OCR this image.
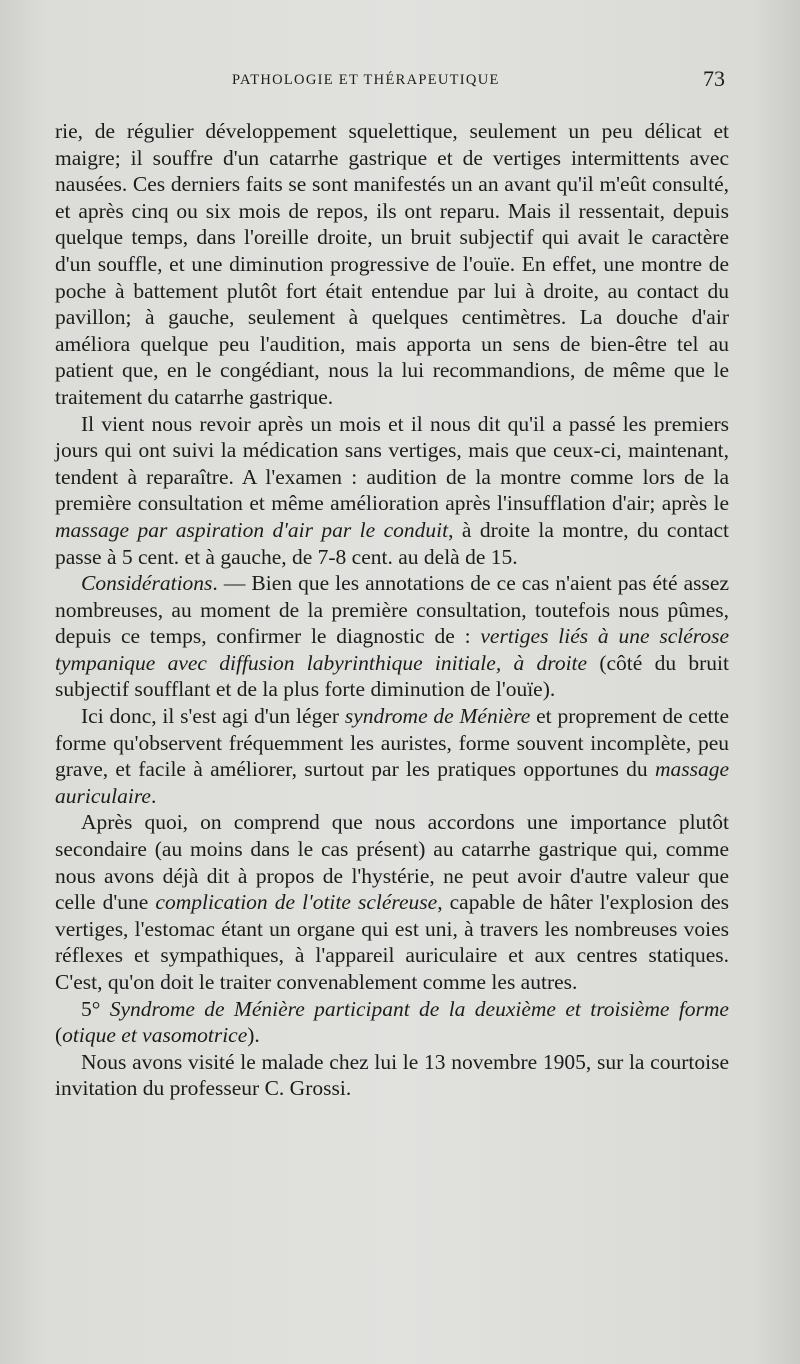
PATHOLOGIE ET THÉRAPEUTIQUE	73

rie, de régulier développement squelettique, seulement un peu délicat et maigre; il souffre d'un catarrhe gastrique et de vertiges intermittents avec nausées. Ces derniers faits se sont manifestés un an avant qu'il m'eût consulté, et après cinq ou six mois de repos, ils ont reparu. Mais il ressentait, depuis quelque temps, dans l'oreille droite, un bruit subjectif qui avait le caractère d'un souffle, et une diminution progressive de l'ouïe. En effet, une montre de poche à battement plutôt fort était entendue par lui à droite, au contact du pavillon; à gauche, seulement à quelques centimètres. La douche d'air améliora quelque peu l'audition, mais apporta un sens de bien-être tel au patient que, en le congédiant, nous la lui recommandions, de même que le traitement du catarrhe gastrique.

Il vient nous revoir après un mois et il nous dit qu'il a passé les premiers jours qui ont suivi la médication sans vertiges, mais que ceux-ci, maintenant, tendent à reparaître. A l'examen : audition de la montre comme lors de la première consultation et même amélioration après l'insufflation d'air; après le massage par aspiration d'air par le conduit, à droite la montre, du contact passe à 5 cent. et à gauche, de 7-8 cent. au delà de 15.

Considérations. — Bien que les annotations de ce cas n'aient pas été assez nombreuses, au moment de la première consultation, toutefois nous pûmes, depuis ce temps, confirmer le diagnostic de : vertiges liés à une sclérose tympanique avec diffusion labyrinthique initiale, à droite (côté du bruit subjectif soufflant et de la plus forte diminution de l'ouïe).

Ici donc, il s'est agi d'un léger syndrome de Ménière et proprement de cette forme qu'observent fréquemment les auristes, forme souvent incomplète, peu grave, et facile à améliorer, surtout par les pratiques opportunes du massage auriculaire.

Après quoi, on comprend que nous accordons une importance plutôt secondaire (au moins dans le cas présent) au catarrhe gastrique qui, comme nous avons déjà dit à propos de l'hystérie, ne peut avoir d'autre valeur que celle d'une complication de l'otite scléreuse, capable de hâter l'explosion des vertiges, l'estomac étant un organe qui est uni, à travers les nombreuses voies réflexes et sympathiques, à l'appareil auriculaire et aux centres statiques. C'est, qu'on doit le traiter convenablement comme les autres.

5° Syndrome de Ménière participant de la deuxième et troisième forme (otique et vasomotrice).

Nous avons visité le malade chez lui le 13 novembre 1905, sur la courtoise invitation du professeur C. Grossi.
